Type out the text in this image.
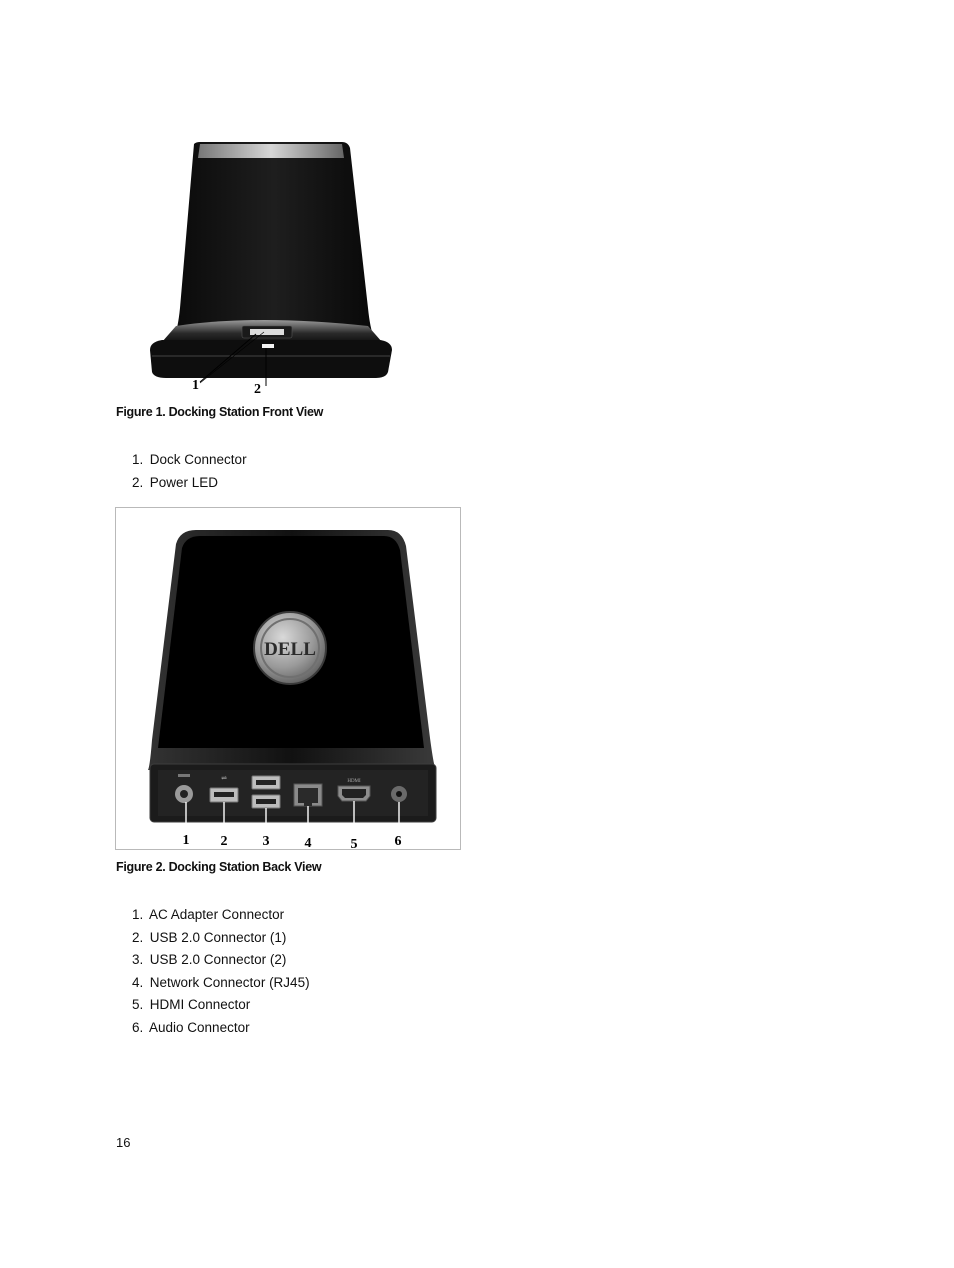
1	2
Figure 1. Docking Station Front View
1. Dock Connector
2. Power LED
DELL
⇌	HDMI
1 2	3	4	5	6
Figure 2. Docking Station Back View
1. AC Adapter Connector
2. USB 2.0 Connector (1)
3. USB 2.0 Connector (2)
4. Network Connector (RJ45)
5. HDMI Connector
6. Audio Connector
16
